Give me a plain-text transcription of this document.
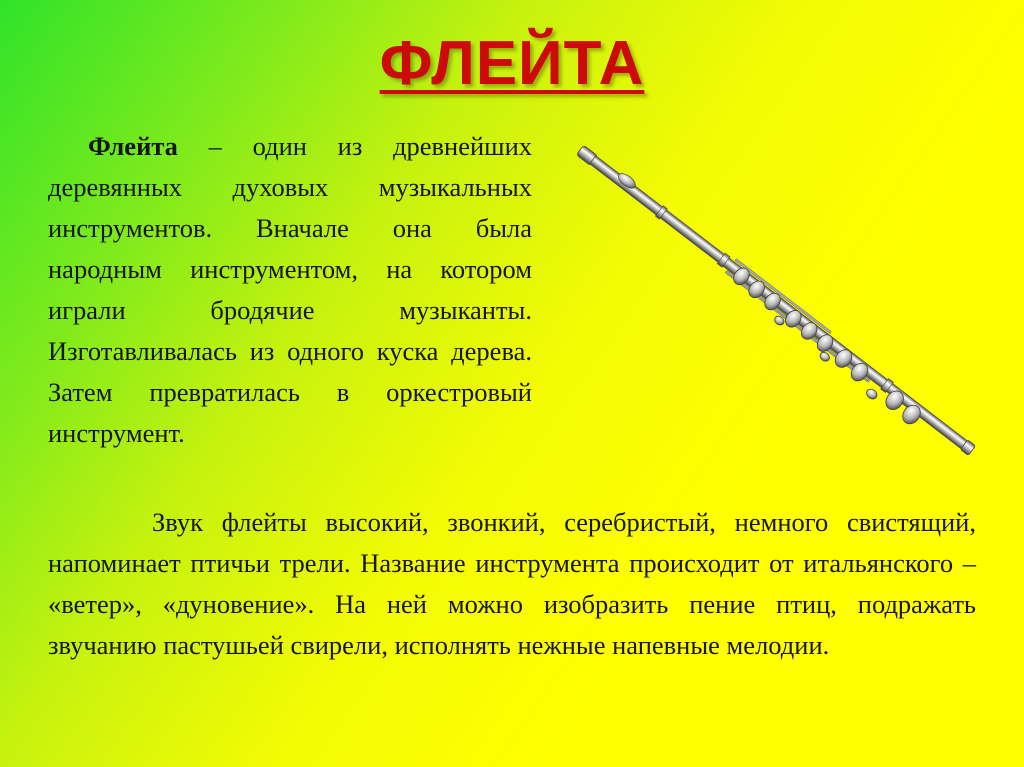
ФЛЕЙТА

Флейта – один из древнейших деревянных духовых музыкальных инструментов. Вначале она была народным инструментом, на котором играли бродячие музыканты. Изготавливалась из одного куска дерева. Затем превратилась в оркестровый инструмент.

Звук флейты высокий, звонкий, серебристый, немного свистящий, напоминает птичьи трели. Название инструмента происходит от итальянского – «ветер», «дуновение». На ней можно изобразить пение птиц, подражать звучанию пастушьей свирели, исполнять нежные напевные мелодии.
